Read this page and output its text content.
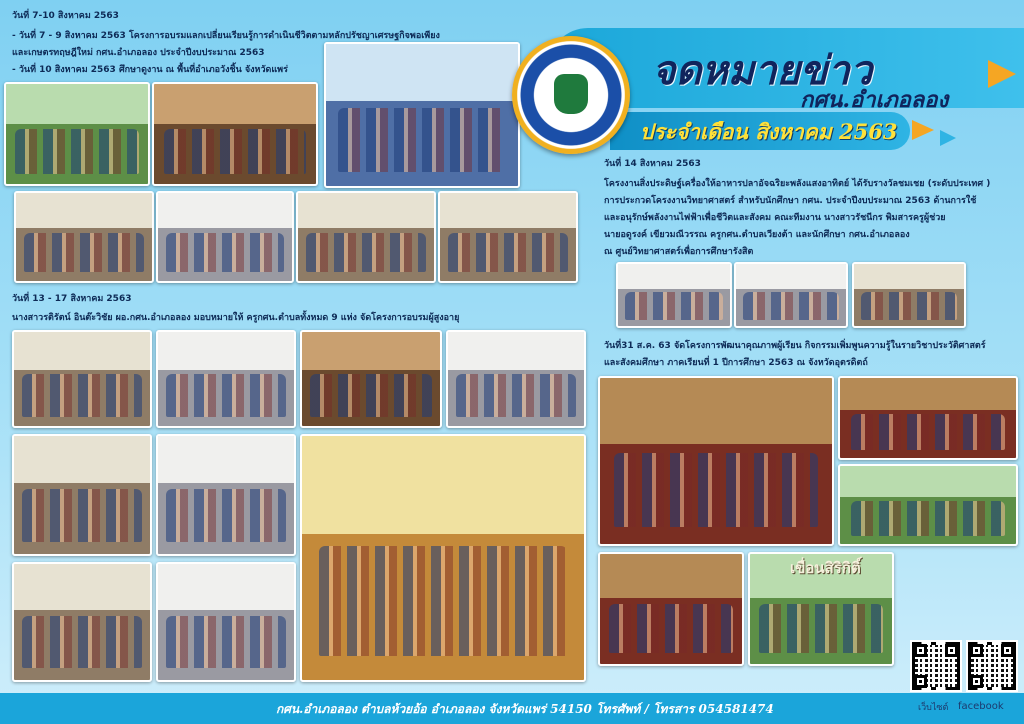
วันที่ 7-10 สิงหาคม 2563
- วันที่ 7 - 9 สิงหาคม 2563 โครงการอบรมแลกเปลี่ยนเรียนรู้การดำเนินชีวิตตามหลักปรัชญาเศรษฐกิจพอเพียง
และเกษตรทฤษฎีใหม่ กศน.อำเภอลอง ประจำปีงบประมาณ 2563
- วันที่ 10 สิงหาคม 2563 ศึกษาดูงาน ณ พื้นที่อำเภอวังชิ้น จังหวัดแพร่	จดหมายข่าว
กศน.อำเภอลอง
ประจำเดือน สิงหาคม 2563
จังหวัดแพร่
วันที่ 14 สิงหาคม 2563
โครงงานสิ่งประดิษฐ์เครื่องให้อาหารปลาอัจฉริยะพลังแสงอาทิตย์ ได้รับรางวัลชมเชย (ระดับประเทศ )
การประกวดโครงงานวิทยาศาสตร์ สำหรับนักศึกษา กศน. ประจำปีงบประมาณ 2563 ด้านการใช้
และอนุรักษ์พลังงานไฟฟ้าเพื่อชีวิตและสังคม คณะทีมงาน นางสาวรัชนีกร พิมสารครูผู้ช่วย
นายอดูรงค์ เขียวมณีวรรณ ครูกศน.ตำบลเวียงต้า และนักศึกษา กศน.อำเภอลอง
ณ ศูนย์วิทยาศาสตร์เพื่อการศึกษารังสิต
วันที่ 13 - 17 สิงหาคม 2563
นางสาวรติรัตน์ อินต๊ะวิชัย ผอ.กศน.อำเภอลอง มอบหมายให้ ครูกศน.ตำบลทั้งหมด 9 แห่ง จัดโครงการอบรมผู้สูงอายุ
วันที่31 ส.ค. 63 จัดโครงการพัฒนาคุณภาพผู้เรียน กิจกรรมเพิ่มพูนความรู้ในรายวิชาประวัติศาสตร์
และสังคมศึกษา ภาคเรียนที่ 1 ปีการศึกษา 2563 ณ จังหวัดอุตรดิตถ์
เขื่อนสิริกิติ์
กศน.อำเภอลอง ตำบลห้วยอ้อ อำเภอลอง จังหวัดแพร่ 54150 โทรศัพท์ / โทรสาร 054581474	เว็บไซต์ facebook
